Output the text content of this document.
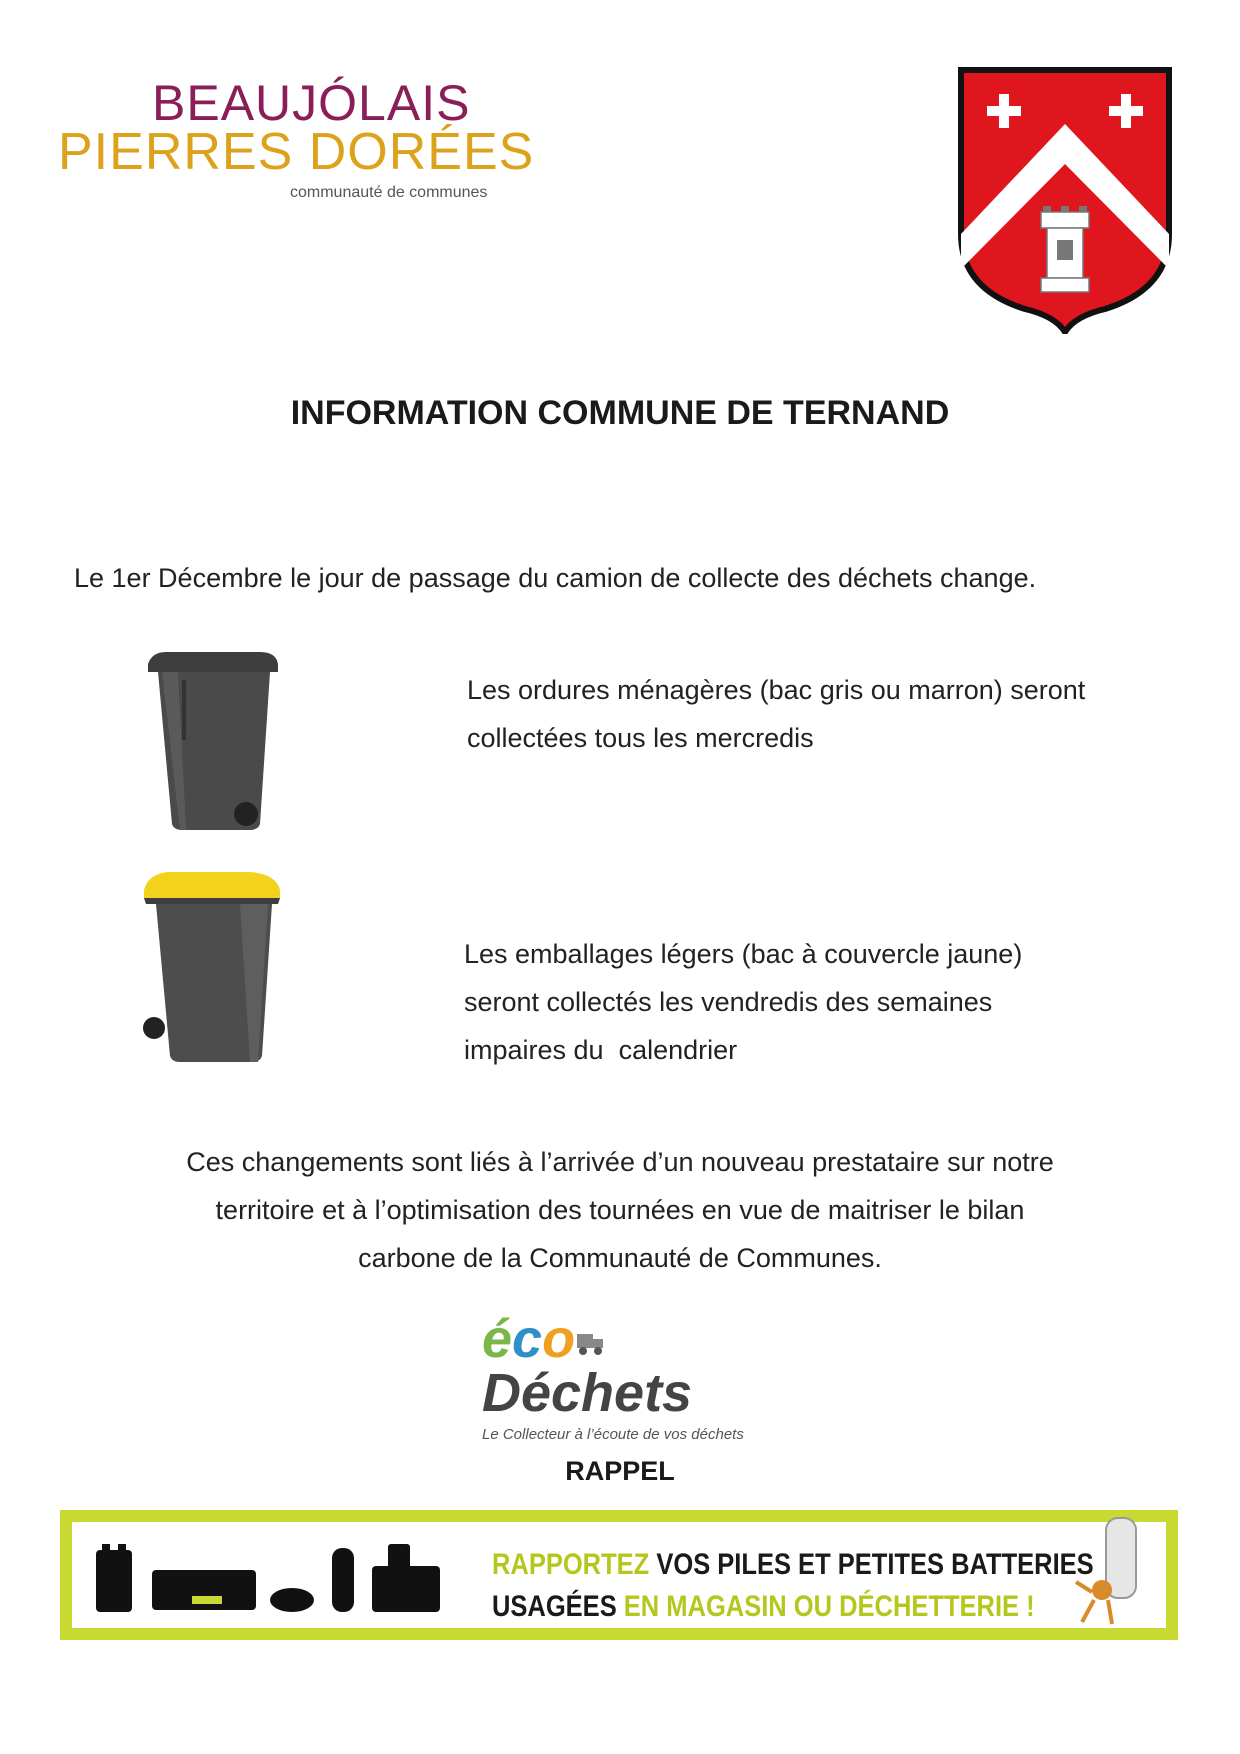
BEAUJÓLAIS
PIERRES DORÉES
communauté de communes
INFORMATION COMMUNE DE TERNAND
Le 1er Décembre le jour de passage du camion de collecte des déchets change.
Les ordures ménagères (bac gris ou marron) seront
collectées tous les mercredis
Les emballages légers (bac à couvercle jaune)
seront collectés les vendredis des semaines
impaires du  calendrier
Ces changements sont liés à l’arrivée d’un nouveau prestataire sur notre
territoire et à l’optimisation des tournées en vue de maitriser le bilan
carbone de la Communauté de Communes.
écoDéchets
Le Collecteur à l’écoute de vos déchets
RAPPEL
RAPPORTEZ VOS PILES ET PETITES BATTERIES
USAGÉES EN MAGASIN OU DÉCHETTERIE !
